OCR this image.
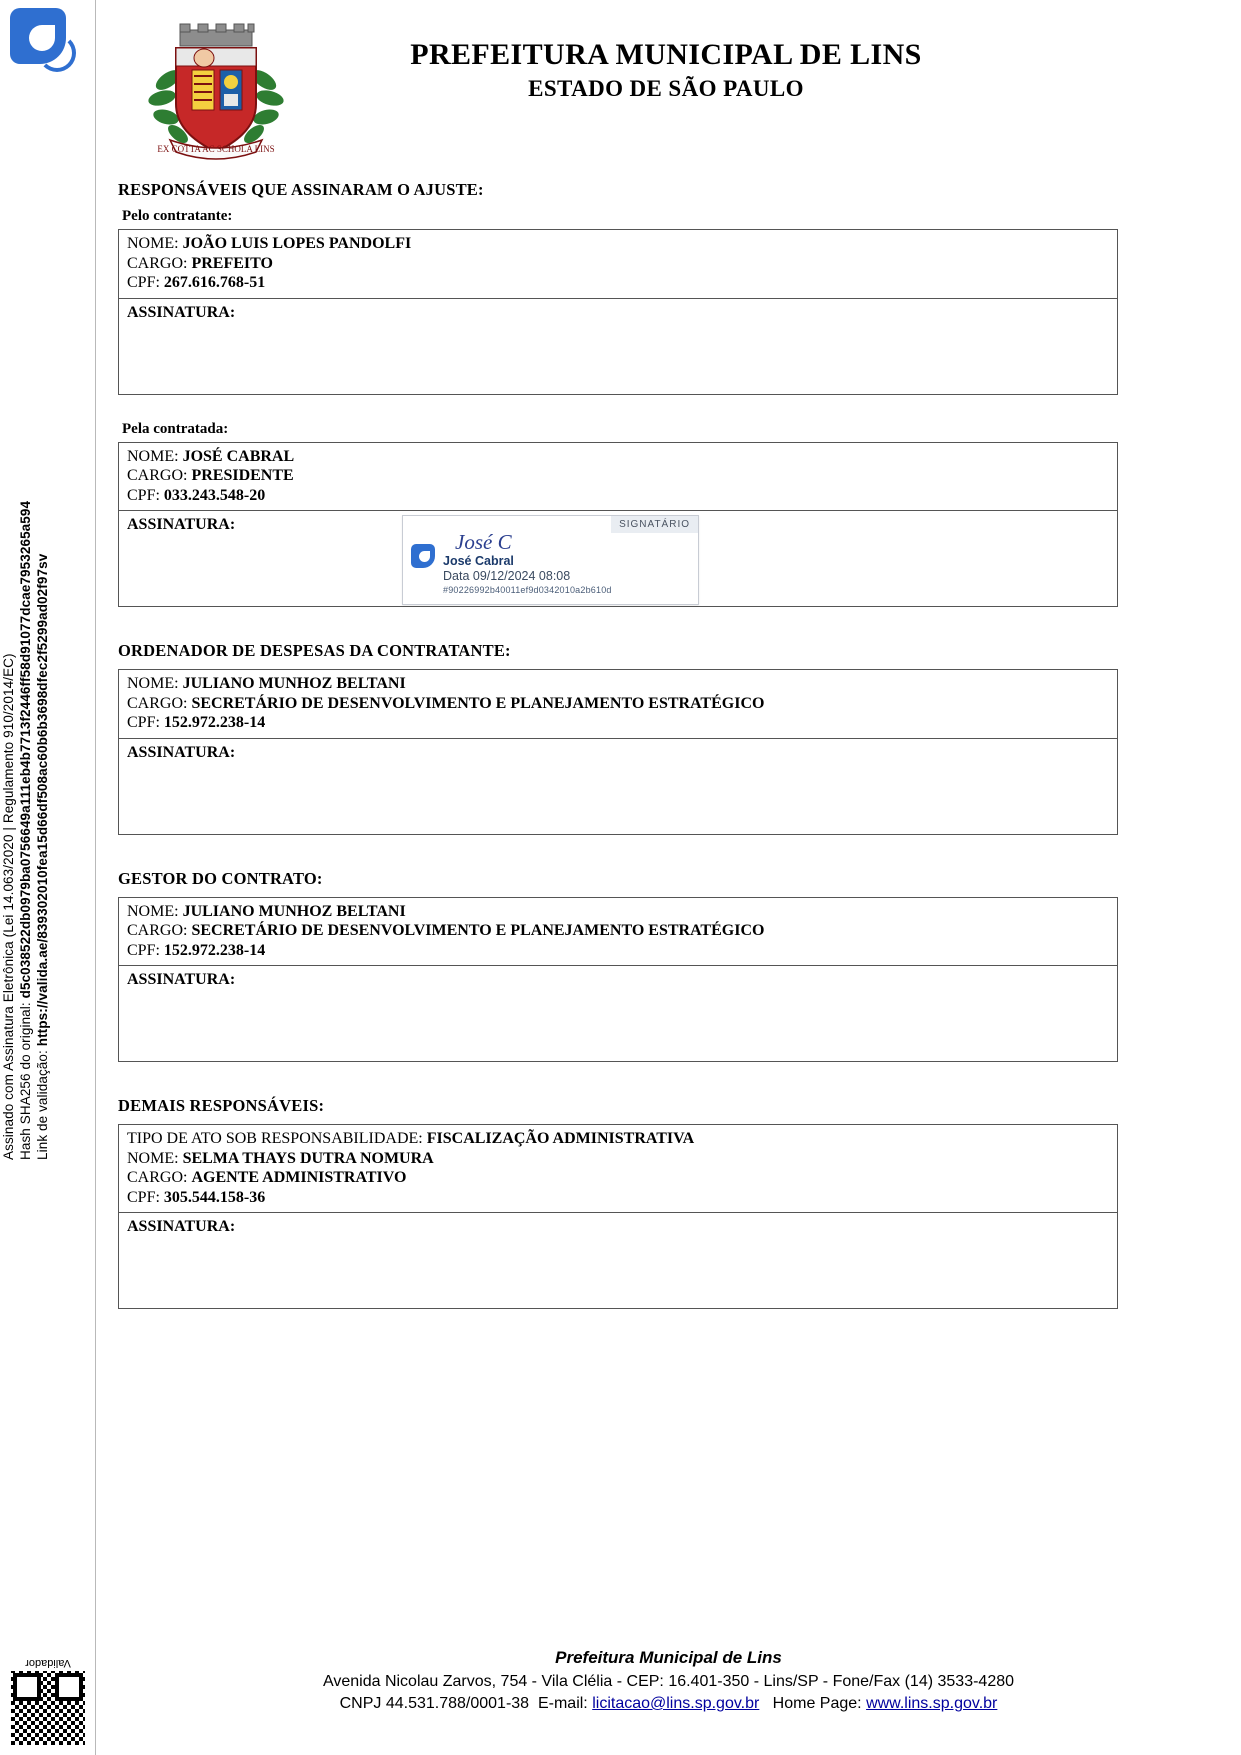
Assinado com Assinatura Eletrônica (Lei 14.063/2020 | Regulamento 910/2014/EC) Hash SHA256 do original: d5c038522db0979ba0756649a111eb4b7713f2446ff58d91077dcae7953265a594
Link de validação: https://valida.ae/839302010fea15d66df508ac60b6b3698dfec2f5299ad02f97sv
Validador
EX COTTA AC SCHOLA LINS
PREFEITURA MUNICIPAL DE LINS
ESTADO DE SÃO PAULO
RESPONSÁVEIS QUE ASSINARAM O AJUSTE:
Pelo contratante:
NOME: JOÃO LUIS LOPES PANDOLFI
CARGO: PREFEITO
CPF: 267.616.768-51
ASSINATURA:
Pela contratada:
NOME: JOSÉ CABRAL
CARGO: PRESIDENTE
CPF: 033.243.548-20
ASSINATURA:	SIGNATÁRIO
José C
José Cabral
Data 09/12/2024 08:08
#90226992b40011ef9d0342010a2b610d
ORDENADOR DE DESPESAS DA CONTRATANTE:
NOME: JULIANO MUNHOZ BELTANI
CARGO: SECRETÁRIO DE DESENVOLVIMENTO E PLANEJAMENTO ESTRATÉGICO
CPF: 152.972.238-14
ASSINATURA:
GESTOR DO CONTRATO:
NOME: JULIANO MUNHOZ BELTANI
CARGO: SECRETÁRIO DE DESENVOLVIMENTO E PLANEJAMENTO ESTRATÉGICO
CPF: 152.972.238-14
ASSINATURA:
DEMAIS RESPONSÁVEIS:
TIPO DE ATO SOB RESPONSABILIDADE: FISCALIZAÇÃO ADMINISTRATIVA
NOME: SELMA THAYS DUTRA NOMURA
CARGO: AGENTE ADMINISTRATIVO
CPF: 305.544.158-36
ASSINATURA:
Prefeitura Municipal de Lins
Avenida Nicolau Zarvos, 754 - Vila Clélia - CEP: 16.401-350 - Lins/SP - Fone/Fax (14) 3533-4280
CNPJ 44.531.788/0001-38 E-mail: licitacao@lins.sp.gov.br Home Page: www.lins.sp.gov.br
